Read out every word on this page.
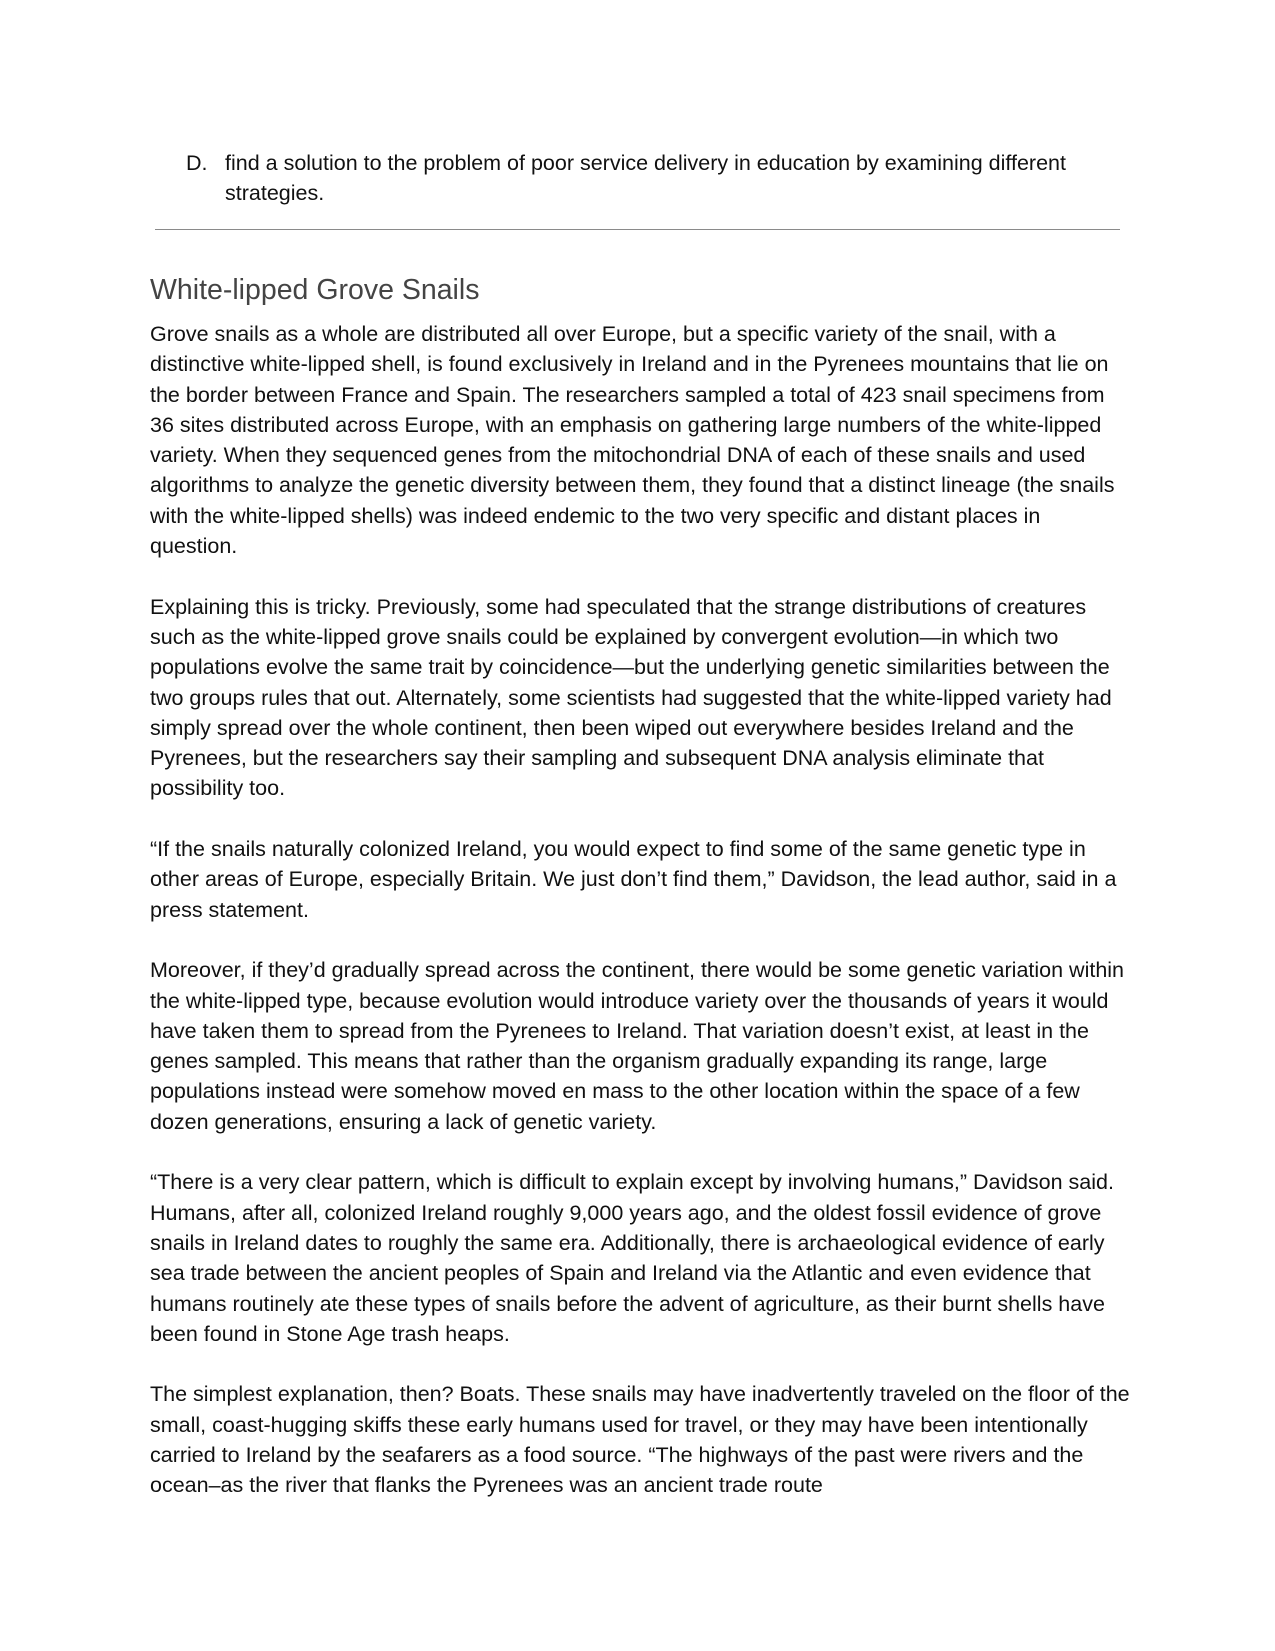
D. find a solution to the problem of poor service delivery in education by examining different strategies.
White-lipped Grove Snails

Grove snails as a whole are distributed all over Europe, but a specific variety of the snail, with a distinctive white-lipped shell, is found exclusively in Ireland and in the Pyrenees mountains that lie on the border between France and Spain. The researchers sampled a total of 423 snail specimens from 36 sites distributed across Europe, with an emphasis on gathering large numbers of the white-lipped variety. When they sequenced genes from the mitochondrial DNA of each of these snails and used algorithms to analyze the genetic diversity between them, they found that a distinct lineage (the snails with the white-lipped shells) was indeed endemic to the two very specific and distant places in question.

Explaining this is tricky. Previously, some had speculated that the strange distributions of creatures such as the white-lipped grove snails could be explained by convergent evolution—in which two populations evolve the same trait by coincidence—but the underlying genetic similarities between the two groups rules that out. Alternately, some scientists had suggested that the white-lipped variety had simply spread over the whole continent, then been wiped out everywhere besides Ireland and the Pyrenees, but the researchers say their sampling and subsequent DNA analysis eliminate that possibility too.

“If the snails naturally colonized Ireland, you would expect to find some of the same genetic type in other areas of Europe, especially Britain. We just don’t find them,” Davidson, the lead author, said in a press statement.

Moreover, if they’d gradually spread across the continent, there would be some genetic variation within the white-lipped type, because evolution would introduce variety over the thousands of years it would have taken them to spread from the Pyrenees to Ireland. That variation doesn’t exist, at least in the genes sampled. This means that rather than the organism gradually expanding its range, large populations instead were somehow moved en mass to the other location within the space of a few dozen generations, ensuring a lack of genetic variety.

“There is a very clear pattern, which is difficult to explain except by involving humans,” Davidson said. Humans, after all, colonized Ireland roughly 9,000 years ago, and the oldest fossil evidence of grove snails in Ireland dates to roughly the same era. Additionally, there is archaeological evidence of early sea trade between the ancient peoples of Spain and Ireland via the Atlantic and even evidence that humans routinely ate these types of snails before the advent of agriculture, as their burnt shells have been found in Stone Age trash heaps.

The simplest explanation, then? Boats. These snails may have inadvertently traveled on the floor of the small, coast-hugging skiffs these early humans used for travel, or they may have been intentionally carried to Ireland by the seafarers as a food source. “The highways of the past were rivers and the ocean–as the river that flanks the Pyrenees was an ancient trade route
